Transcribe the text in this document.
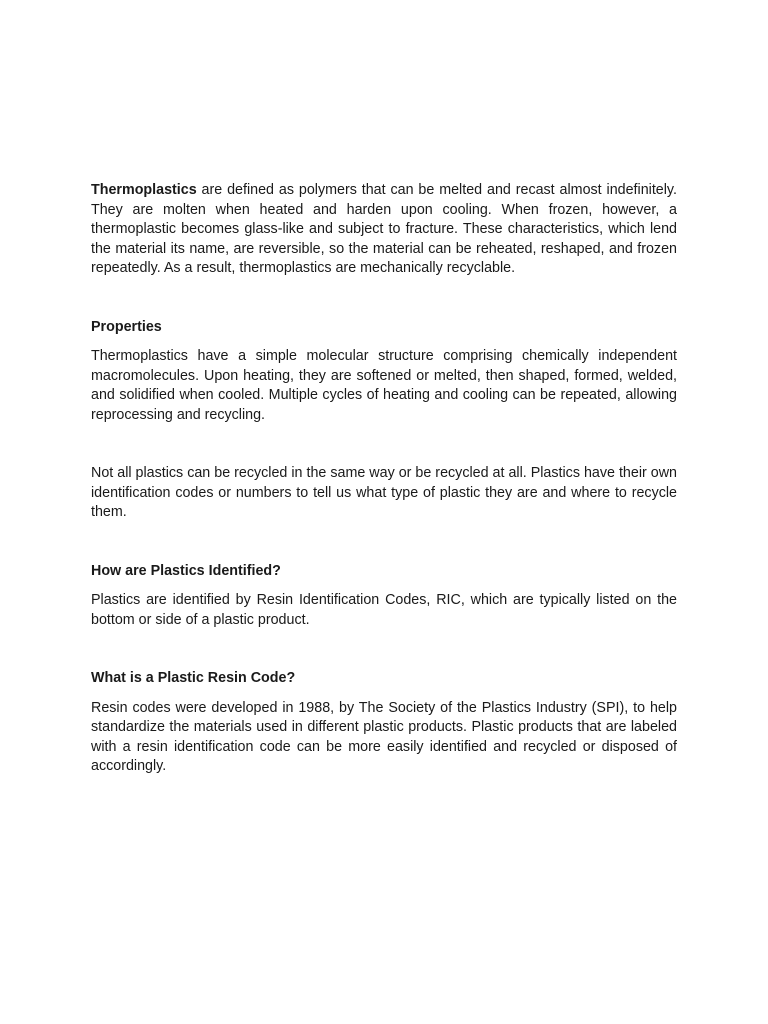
Thermoplastics are defined as polymers that can be melted and recast almost indefinitely. They are molten when heated and harden upon cooling. When frozen, however, a thermoplastic becomes glass-like and subject to fracture. These characteristics, which lend the material its name, are reversible, so the material can be reheated, reshaped, and frozen repeatedly. As a result, thermoplastics are mechanically recyclable.

Properties

Thermoplastics have a simple molecular structure comprising chemically independent macromolecules. Upon heating, they are softened or melted, then shaped, formed, welded, and solidified when cooled. Multiple cycles of heating and cooling can be repeated, allowing reprocessing and recycling.

Not all plastics can be recycled in the same way or be recycled at all. Plastics have their own identification codes or numbers to tell us what type of plastic they are and where to recycle them.

How are Plastics Identified?

Plastics are identified by Resin Identification Codes, RIC, which are typically listed on the bottom or side of a plastic product.

What is a Plastic Resin Code?

Resin codes were developed in 1988, by The Society of the Plastics Industry (SPI), to help standardize the materials used in different plastic products. Plastic products that are labeled with a resin identification code can be more easily identified and recycled or disposed of accordingly.
